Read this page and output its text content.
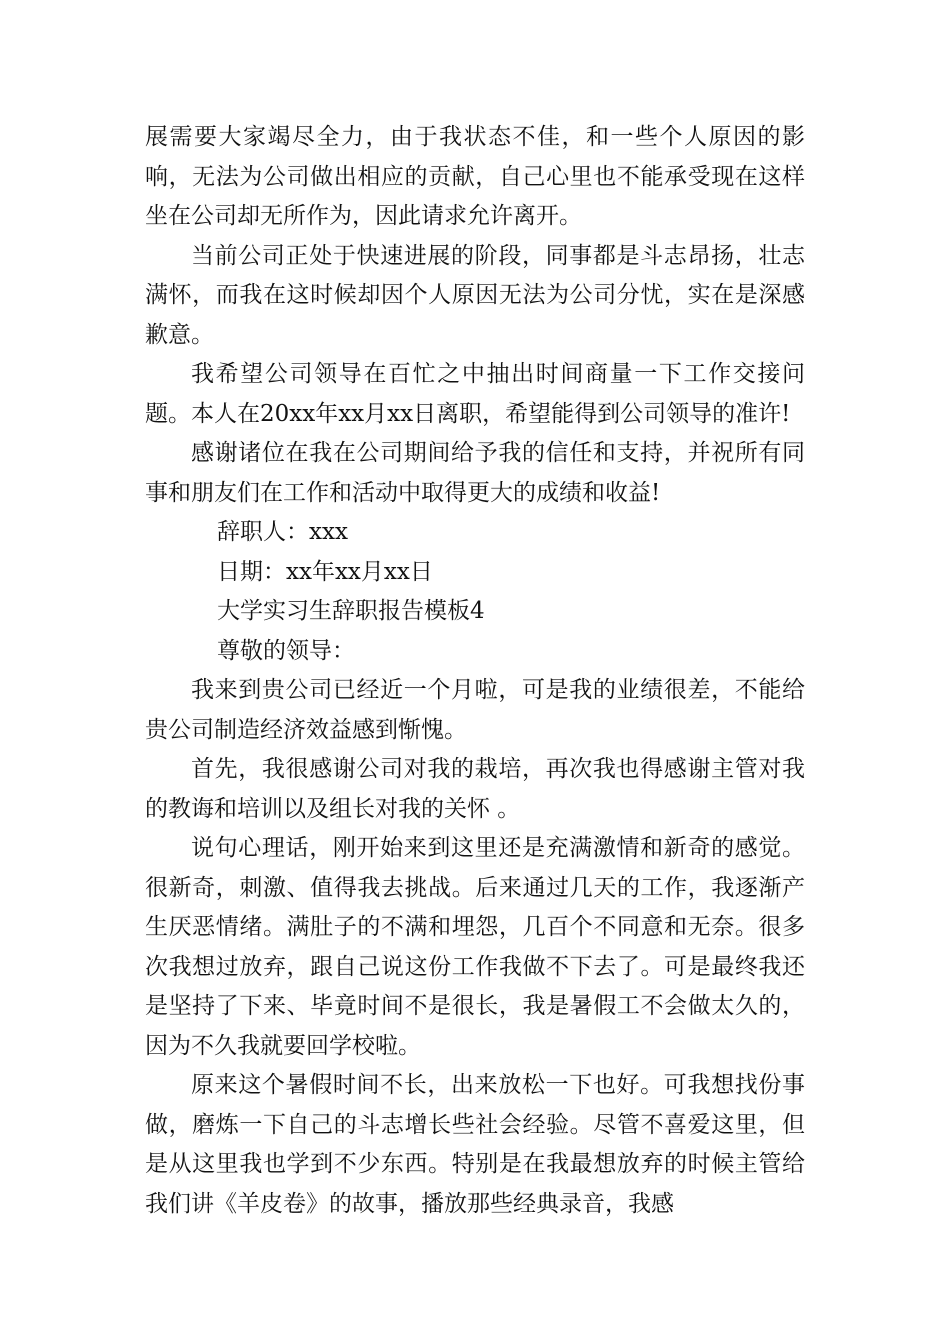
展需要大家竭尽全力，由于我状态不佳，和一些个人原因的影响，无法为公司做出相应的贡献，自己心里也不能承受现在这样坐在公司却无所作为，因此请求允许离开。

当前公司正处于快速进展的阶段，同事都是斗志昂扬，壮志满怀，而我在这时候却因个人原因无法为公司分忧，实在是深感歉意。

我希望公司领导在百忙之中抽出时间商量一下工作交接问题。本人在20xx年xx月xx日离职，希望能得到公司领导的准许!

感谢诸位在我在公司期间给予我的信任和支持，并祝所有同事和朋友们在工作和活动中取得更大的成绩和收益!

辞职人：xxx

日期：xx年xx月xx日

大学实习生辞职报告模板4

尊敬的领导：

我来到贵公司已经近一个月啦，可是我的业绩很差，不能给贵公司制造经济效益感到惭愧。

首先，我很感谢公司对我的栽培，再次我也得感谢主管对我的教诲和培训以及组长对我的关怀 。

说句心理话，刚开始来到这里还是充满激情和新奇的感觉。很新奇，刺激、值得我去挑战。后来通过几天的工作，我逐渐产生厌恶情绪。满肚子的不满和埋怨，几百个不同意和无奈。很多次我想过放弃，跟自己说这份工作我做不下去了。可是最终我还是坚持了下来、毕竟时间不是很长，我是暑假工不会做太久的，因为不久我就要回学校啦。

原来这个暑假时间不长，出来放松一下也好。可我想找份事做，磨炼一下自己的斗志增长些社会经验。尽管不喜爱这里，但是从这里我也学到不少东西。特别是在我最想放弃的时候主管给我们讲《羊皮卷》的故事，播放那些经典录音，我感
